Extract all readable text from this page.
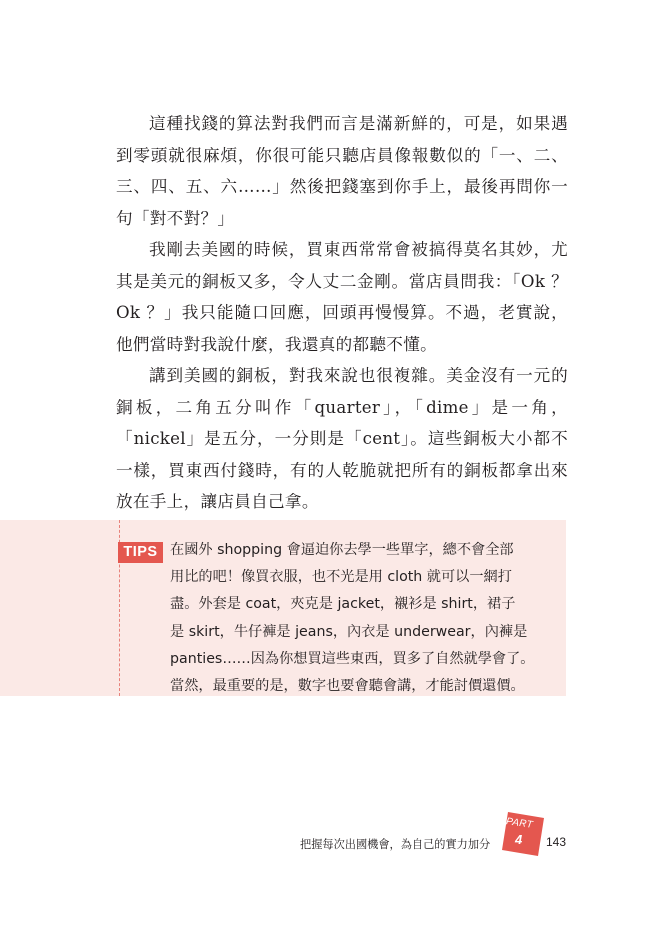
這種找錢的算法對我們而言是滿新鮮的，可是，如果遇到零頭就很麻煩，你很可能只聽店員像報數似的「一、二、三、四、五、六……」然後把錢塞到你手上，最後再問你一句「對不對？」

我剛去美國的時候，買東西常常會被搞得莫名其妙，尤其是美元的銅板又多，令人丈二金剛。當店員問我：「Ok ？ Ok ？」我只能隨口回應，回頭再慢慢算。不過，老實說，他們當時對我說什麼，我還真的都聽不懂。

講到美國的銅板，對我來說也很複雜。美金沒有一元的銅板，二角五分叫作「quarter」，「dime」是一角，「nickel」是五分，一分則是「cent」。這些銅板大小都不一樣，買東西付錢時，有的人乾脆就把所有的銅板都拿出來放在手上，讓店員自己拿。

TIPS 在國外 shopping 會逼迫你去學一些單字，總不會全部
用比的吧！像買衣服，也不光是用 cloth 就可以一網打
盡。外套是 coat，夾克是 jacket，襯衫是 shirt，裙子
是 skirt，牛仔褲是 jeans，內衣是 underwear，內褲是
panties……因為你想買這些東西，買多了自然就學會了。
當然，最重要的是，數字也要會聽會講，才能討價還價。
把握每次出國機會，為自己的實力加分
PART
4 143
